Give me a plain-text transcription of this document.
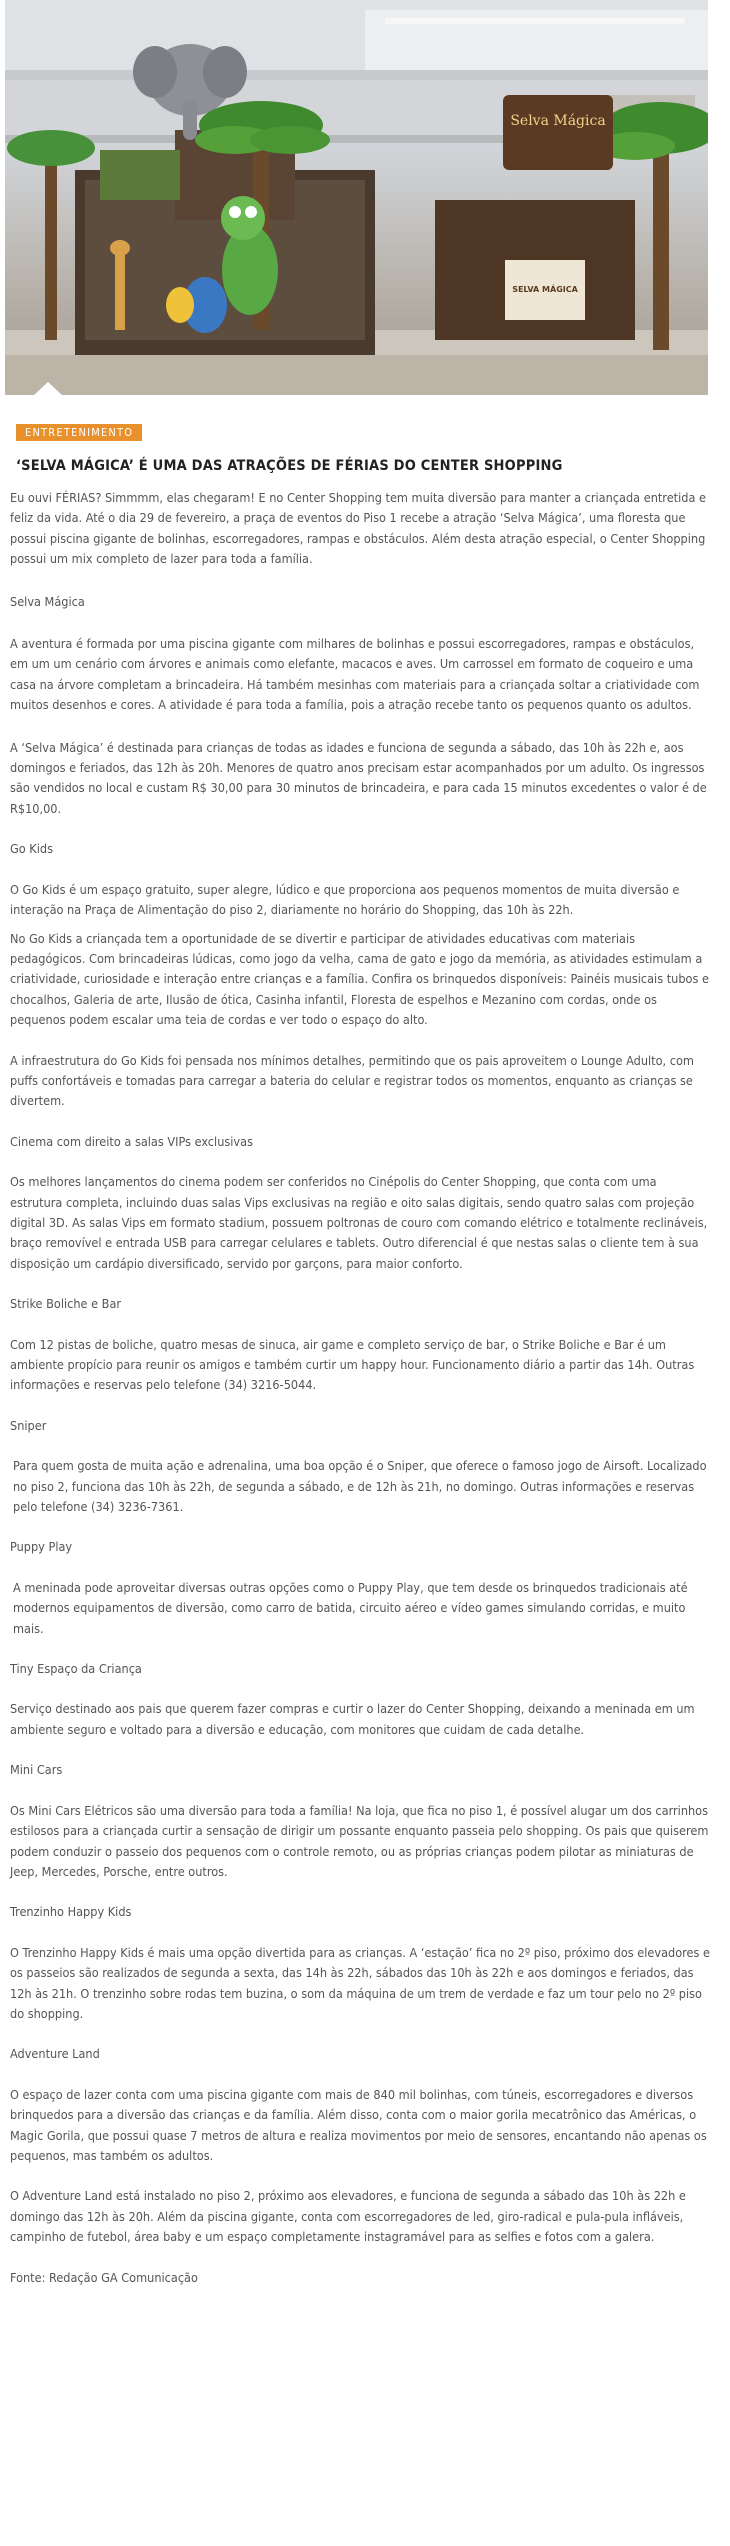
Selva Mágica
SELVA MÁGICA
ENTRETENIMENTO
‘SELVA MÁGICA’ É UMA DAS ATRAÇÕES DE FÉRIAS DO CENTER SHOPPING

Eu ouvi FÉRIAS? Simmmm, elas chegaram! E no Center Shopping tem muita diversão para manter a criançada entretida e feliz da vida. Até o dia 29 de fevereiro, a praça de eventos do Piso 1 recebe a atração ‘Selva Mágica’, uma floresta que possui piscina gigante de bolinhas, escorregadores, rampas e obstáculos. Além desta atração especial, o Center Shopping possui um mix completo de lazer para toda a família.

Selva Mágica

A aventura é formada por uma piscina gigante com milhares de bolinhas e possui escorregadores, rampas e obstáculos, em um um cenário com árvores e animais como elefante, macacos e aves. Um carrossel em formato de coqueiro e uma casa na árvore completam a brincadeira. Há também mesinhas com materiais para a criançada soltar a criatividade com muitos desenhos e cores. A atividade é para toda a família, pois a atração recebe tanto os pequenos quanto os adultos.

A ‘Selva Mágica’ é destinada para crianças de todas as idades e funciona de segunda a sábado, das 10h às 22h e, aos domingos e feriados, das 12h às 20h. Menores de quatro anos precisam estar acompanhados por um adulto. Os ingressos são vendidos no local e custam R$ 30,00 para 30 minutos de brincadeira, e para cada 15 minutos excedentes o valor é de R$10,00.

Go Kids

O Go Kids é um espaço gratuito, super alegre, lúdico e que proporciona aos pequenos momentos de muita diversão e interação na Praça de Alimentação do piso 2, diariamente no horário do Shopping, das 10h às 22h.

No Go Kids a criançada tem a oportunidade de se divertir e participar de atividades educativas com materiais pedagógicos. Com brincadeiras lúdicas, como jogo da velha, cama de gato e jogo da memória, as atividades estimulam a criatividade, curiosidade e interação entre crianças e a família. Confira os brinquedos disponíveis: Painéis musicais tubos e chocalhos, Galeria de arte, Ilusão de ótica, Casinha infantil, Floresta de espelhos e Mezanino com cordas, onde os pequenos podem escalar uma teia de cordas e ver todo o espaço do alto.

A infraestrutura do Go Kids foi pensada nos mínimos detalhes, permitindo que os pais aproveitem o Lounge Adulto, com puffs confortáveis e tomadas para carregar a bateria do celular e registrar todos os momentos, enquanto as crianças se divertem.

Cinema com direito a salas VIPs exclusivas

Os melhores lançamentos do cinema podem ser conferidos no Cinépolis do Center Shopping, que conta com uma estrutura completa, incluindo duas salas Vips exclusivas na região e oito salas digitais, sendo quatro salas com projeção digital 3D. As salas Vips em formato stadium, possuem poltronas de couro com comando elétrico e totalmente reclináveis, braço removível e entrada USB para carregar celulares e tablets. Outro diferencial é que nestas salas o cliente tem à sua disposição um cardápio diversificado, servido por garçons, para maior conforto.

Strike Boliche e Bar

Com 12 pistas de boliche, quatro mesas de sinuca, air game e completo serviço de bar, o Strike Boliche e Bar é um ambiente propício para reunir os amigos e também curtir um happy hour. Funcionamento diário a partir das 14h. Outras informações e reservas pelo telefone (34) 3216-5044.

Sniper

Para quem gosta de muita ação e adrenalina, uma boa opção é o Sniper, que oferece o famoso jogo de Airsoft. Localizado no piso 2, funciona das 10h às 22h, de segunda a sábado, e de 12h às 21h, no domingo. Outras informações e reservas pelo telefone (34) 3236-7361.

Puppy Play

A meninada pode aproveitar diversas outras opções como o Puppy Play, que tem desde os brinquedos tradicionais até modernos equipamentos de diversão, como carro de batida, circuito aéreo e vídeo games simulando corridas, e muito mais.

Tiny Espaço da Criança

Serviço destinado aos pais que querem fazer compras e curtir o lazer do Center Shopping, deixando a meninada em um ambiente seguro e voltado para a diversão e educação, com monitores que cuidam de cada detalhe.

Mini Cars

Os Mini Cars Elétricos são uma diversão para toda a família! Na loja, que fica no piso 1, é possível alugar um dos carrinhos estilosos para a criançada curtir a sensação de dirigir um possante enquanto passeia pelo shopping. Os pais que quiserem podem conduzir o passeio dos pequenos com o controle remoto, ou as próprias crianças podem pilotar as miniaturas de Jeep, Mercedes, Porsche, entre outros.

Trenzinho Happy Kids

O Trenzinho Happy Kids é mais uma opção divertida para as crianças. A ‘estação’ fica no 2º piso, próximo dos elevadores e os passeios são realizados de segunda a sexta, das 14h às 22h, sábados das 10h às 22h e aos domingos e feriados, das 12h às 21h. O trenzinho sobre rodas tem buzina, o som da máquina de um trem de verdade e faz um tour pelo no 2º piso do shopping.

Adventure Land

O espaço de lazer conta com uma piscina gigante com mais de 840 mil bolinhas, com túneis, escorregadores e diversos brinquedos para a diversão das crianças e da família. Além disso, conta com o maior gorila mecatrônico das Américas, o Magic Gorila, que possui quase 7 metros de altura e realiza movimentos por meio de sensores, encantando não apenas os pequenos, mas também os adultos.

O Adventure Land está instalado no piso 2, próximo aos elevadores, e funciona de segunda a sábado das 10h às 22h e domingo das 12h às 20h. Além da piscina gigante, conta com escorregadores de led, giro-radical e pula-pula infláveis, campinho de futebol, área baby e um espaço completamente instagramável para as selfies e fotos com a galera.

Fonte: Redação GA Comunicação
